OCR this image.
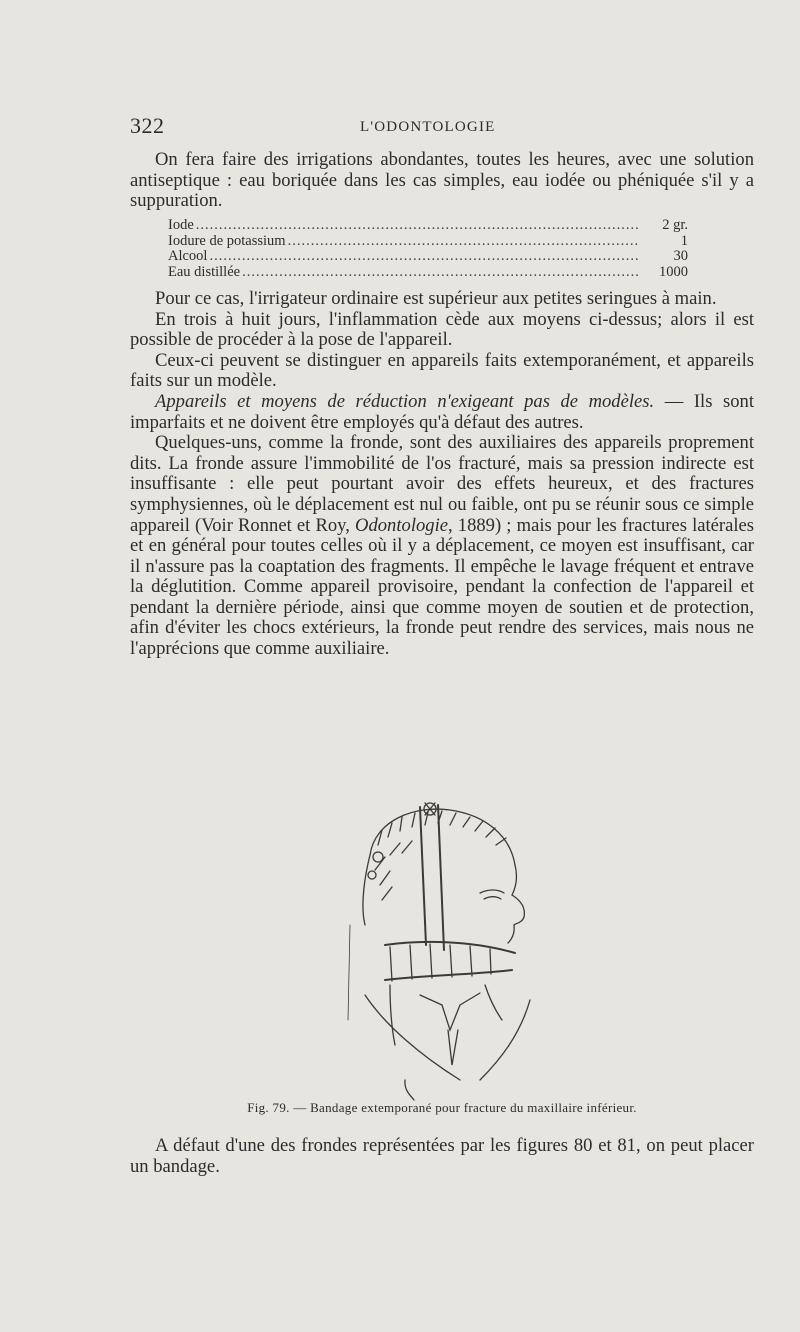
322	L'ODONTOLOGIE

On fera faire des irrigations abondantes, toutes les heures, avec une solution antiseptique : eau boriquée dans les cas simples, eau iodée ou phéniquée s'il y a suppuration.

Iode .....	2 gr.
Iodure de potassium .....	1
Alcool .....	30
Eau distillée .....	1000

Pour ce cas, l'irrigateur ordinaire est supérieur aux petites seringues à main.

En trois à huit jours, l'inflammation cède aux moyens ci-dessus; alors il est possible de procéder à la pose de l'appareil.

Ceux-ci peuvent se distinguer en appareils faits extemporanément, et appareils faits sur un modèle.

Appareils et moyens de réduction n'exigeant pas de modèles. — Ils sont imparfaits et ne doivent être employés qu'à défaut des autres.

Quelques-uns, comme la fronde, sont des auxiliaires des appareils proprement dits. La fronde assure l'immobilité de l'os fracturé, mais sa pression indirecte est insuffisante : elle peut pourtant avoir des effets heureux, et des fractures symphysiennes, où le déplacement est nul ou faible, ont pu se réunir sous ce simple appareil (Voir Ronnet et Roy, Odontologie, 1889) ; mais pour les fractures latérales et en général pour toutes celles où il y a déplacement, ce moyen est insuffisant, car il n'assure pas la coaptation des fragments. Il empêche le lavage fréquent et entrave la déglutition. Comme appareil provisoire, pendant la confection de l'appareil et pendant la dernière période, ainsi que comme moyen de soutien et de protection, afin d'éviter les chocs extérieurs, la fronde peut rendre des services, mais nous ne l'apprécions que comme auxiliaire.

Fig. 79. — Bandage extemporané pour fracture du maxillaire inférieur.

A défaut d'une des frondes représentées par les figures 80 et 81, on peut placer un bandage.
